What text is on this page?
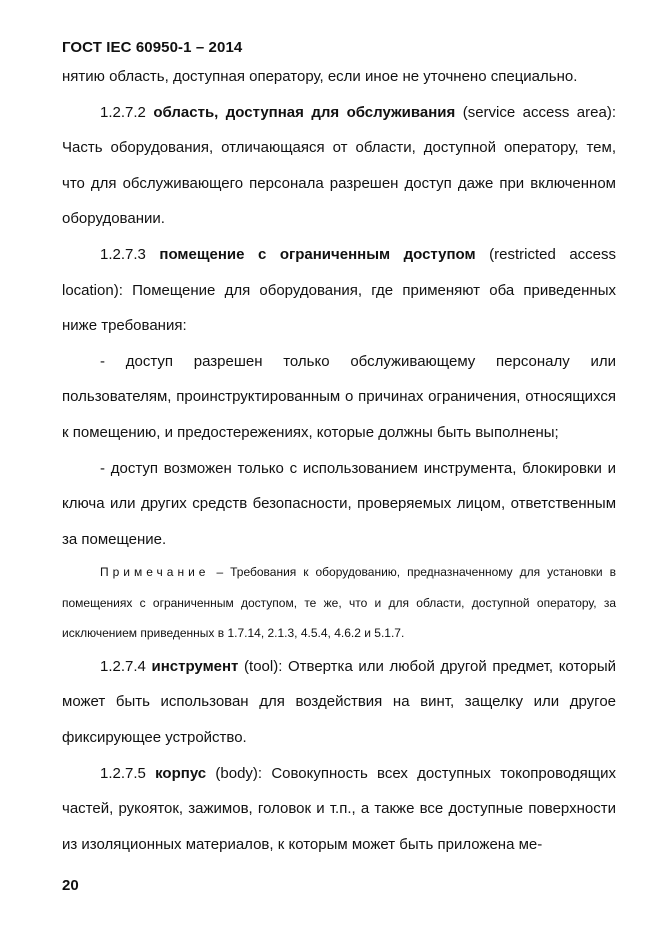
ГОСТ IEC 60950-1 – 2014

нятию область, доступная оператору, если иное не уточнено специально.

1.2.7.2 область, доступная для обслуживания (service access area): Часть оборудования, отличающаяся от области, доступной оператору, тем, что для обслуживающего персонала разрешен доступ даже при включенном оборудовании.

1.2.7.3 помещение с ограниченным доступом (restricted access location): Помещение для оборудования, где применяют оба приведенных ниже требования:

- доступ разрешен только обслуживающему персоналу или пользователям, проинструктированным о причинах ограничения, относящихся к помещению, и предостережениях, которые должны быть выполнены;

- доступ возможен только с использованием инструмента, блокировки и ключа или других средств безопасности, проверяемых лицом, ответственным за помещение.

Примечание – Требования к оборудованию, предназначенному для установки в помещениях с ограниченным доступом, те же, что и для области, доступной оператору, за исключением приведенных в 1.7.14, 2.1.3, 4.5.4, 4.6.2 и 5.1.7.

1.2.7.4 инструмент (tool): Отвертка или любой другой предмет, который может быть использован для воздействия на винт, защелку или другое фиксирующее устройство.

1.2.7.5 корпус (body): Совокупность всех доступных токопроводящих частей, рукояток, зажимов, головок и т.п., а также все доступные поверхности из изоляционных материалов, к которым может быть приложена ме-

20
